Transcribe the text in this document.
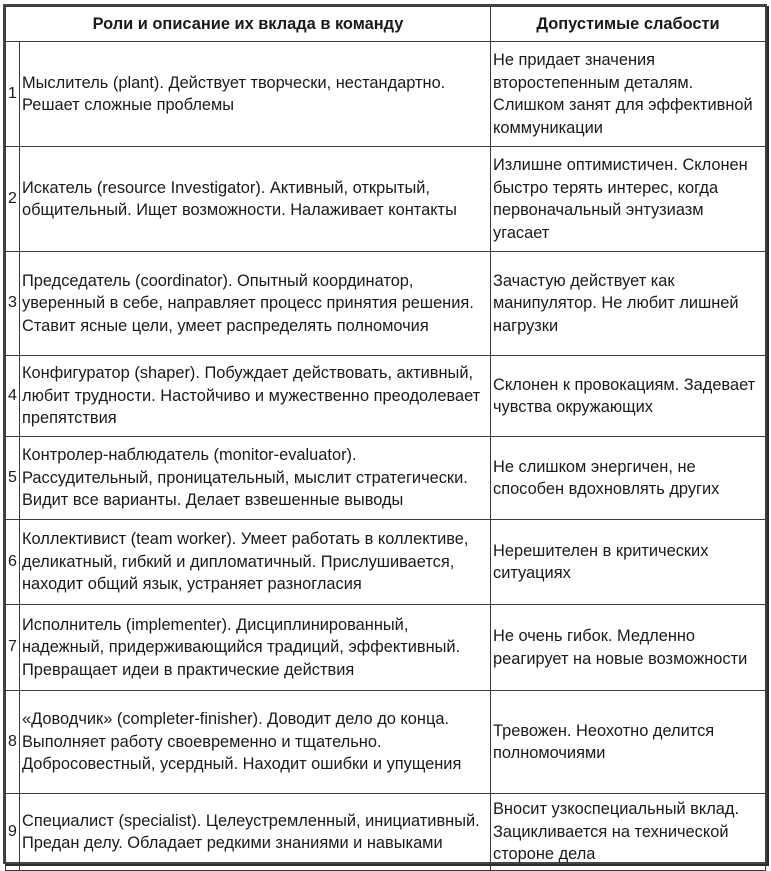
Роли и описание их вклада в команду		Допустимые слабости
1	Мыслитель (plant). Действует творчески, нестандартно. Решает сложные проблемы	Не придает значения второстепенным деталям. Слишком занят для эффективной коммуникации
2	Искатель (resource Investigator). Активный, открытый, общительный. Ищет возможности. Налаживает контакты	Излишне оптимистичен. Склонен быстро терять интерес, когда первоначальный энтузиазм угасает
3	Председатель (coordinator). Опытный координатор, уверенный в себе, направляет процесс принятия решения. Ставит ясные цели, умеет распределять полномочия	Зачастую действует как манипулятор. Не любит лишней нагрузки
4	Конфигуратор (shaper). Побуждает действовать, активный, любит трудности. Настойчиво и мужественно преодолевает препятствия	Склонен к провокациям. Задевает чувства окружающих
5	Контролер-наблюдатель (monitor-evaluator). Рассудительный, проницательный, мыслит стратегически. Видит все варианты. Делает взвешенные выводы	Не слишком энергичен, не способен вдохновлять других
6	Коллективист (team worker). Умеет работать в коллективе, деликатный, гибкий и дипломатичный. Прислушивается, находит общий язык, устраняет разногласия	Нерешителен в критических ситуациях
7	Исполнитель (implementer). Дисциплинированный, надежный, придерживающийся традиций, эффективный. Превращает идеи в практические действия	Не очень гибок. Медленно реагирует на новые возможности
8	«Доводчик» (completer-finisher). Доводит дело до конца. Выполняет работу своевременно и тщательно. Добросовестный, усердный. Находит ошибки и упущения	Тревожен. Неохотно делится полномочиями
9	Специалист (specialist). Целеустремленный, инициативный. Предан делу. Обладает редкими знаниями и навыками	Вносит узкоспециальный вклад. Зацикливается на технической стороне дела
